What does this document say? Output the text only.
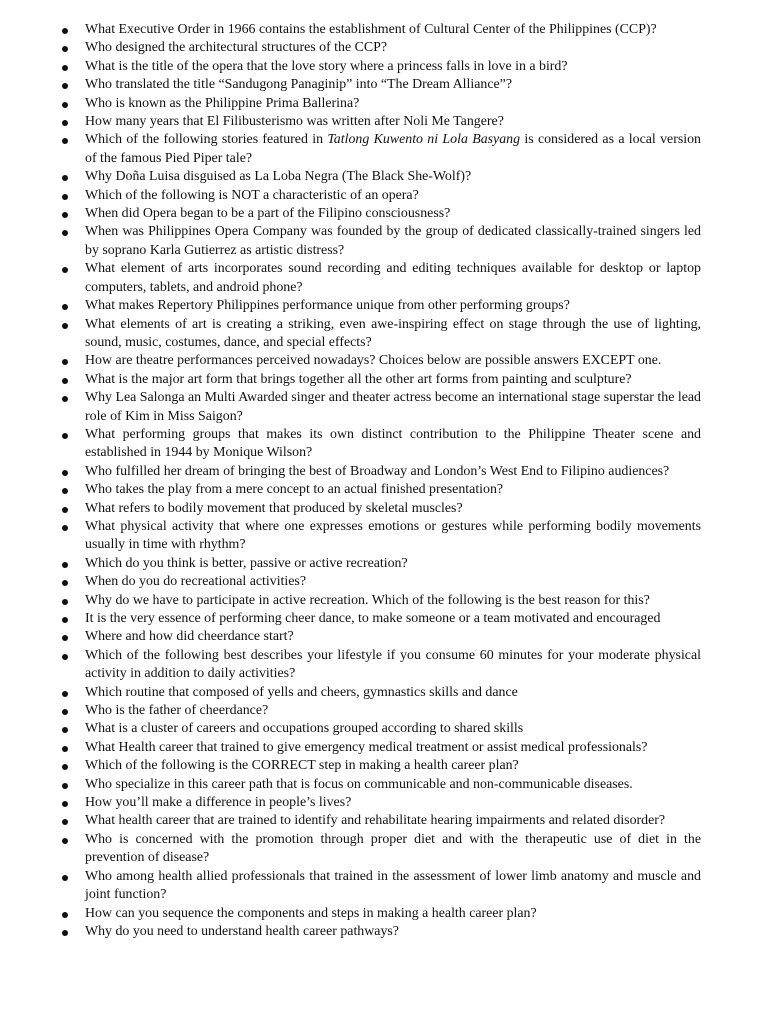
What Executive Order in 1966 contains the establishment of Cultural Center of the Philippines (CCP)?
Who designed the architectural structures of the CCP?
What is the title of the opera that the love story where a princess falls in love in a bird?
Who translated the title “Sandugong Panaginip” into “The Dream Alliance”?
Who is known as the Philippine Prima Ballerina?
How many years that El Filibusterismo was written after Noli Me Tangere?
Which of the following stories featured in Tatlong Kuwento ni Lola Basyang is considered as a local version of the famous Pied Piper tale?
Why Doña Luisa disguised as La Loba Negra (The Black She-Wolf)?
Which of the following is NOT a characteristic of an opera?
When did Opera began to be a part of the Filipino consciousness?
When was Philippines Opera Company was founded by the group of dedicated classically-trained singers led by soprano Karla Gutierrez as artistic distress?
What element of arts incorporates sound recording and editing techniques available for desktop or laptop computers, tablets, and android phone?
What makes Repertory Philippines performance unique from other performing groups?
What elements of art is creating a striking, even awe-inspiring effect on stage through the use of lighting, sound, music, costumes, dance, and special effects?
How are theatre performances perceived nowadays? Choices below are possible answers EXCEPT one.
What is the major art form that brings together all the other art forms from painting and sculpture?
Why Lea Salonga an Multi Awarded singer and theater actress become an international stage superstar the lead role of Kim in Miss Saigon?
What performing groups that makes its own distinct contribution to the Philippine Theater scene and established in 1944 by Monique Wilson?
Who fulfilled her dream of bringing the best of Broadway and London’s West End to Filipino audiences?
Who takes the play from a mere concept to an actual finished presentation?
What refers to bodily movement that produced by skeletal muscles?
What physical activity that where one expresses emotions or gestures while performing bodily movements usually in time with rhythm?
Which do you think is better, passive or active recreation?
When do you do recreational activities?
Why do we have to participate in active recreation. Which of the following is the best reason for this?
It is the very essence of performing cheer dance, to make someone or a team motivated and encouraged
Where and how did cheerdance start?
Which of the following best describes your lifestyle if you consume 60 minutes for your moderate physical activity in addition to daily activities?
Which routine that composed of yells and cheers, gymnastics skills and dance
Who is the father of cheerdance?
What is a cluster of careers and occupations grouped according to shared skills
What Health career that trained to give emergency medical treatment or assist medical professionals?
Which of the following is the CORRECT step in making a health career plan?
Who specialize in this career path that is focus on communicable and non-communicable diseases.
How you’ll make a difference in people’s lives?
What health career that are trained to identify and rehabilitate hearing impairments and related disorder?
Who is concerned with the promotion through proper diet and with the therapeutic use of diet in the prevention of disease?
Who among health allied professionals that trained in the assessment of lower limb anatomy and muscle and joint function?
How can you sequence the components and steps in making a health career plan?
Why do you need to understand health career pathways?
